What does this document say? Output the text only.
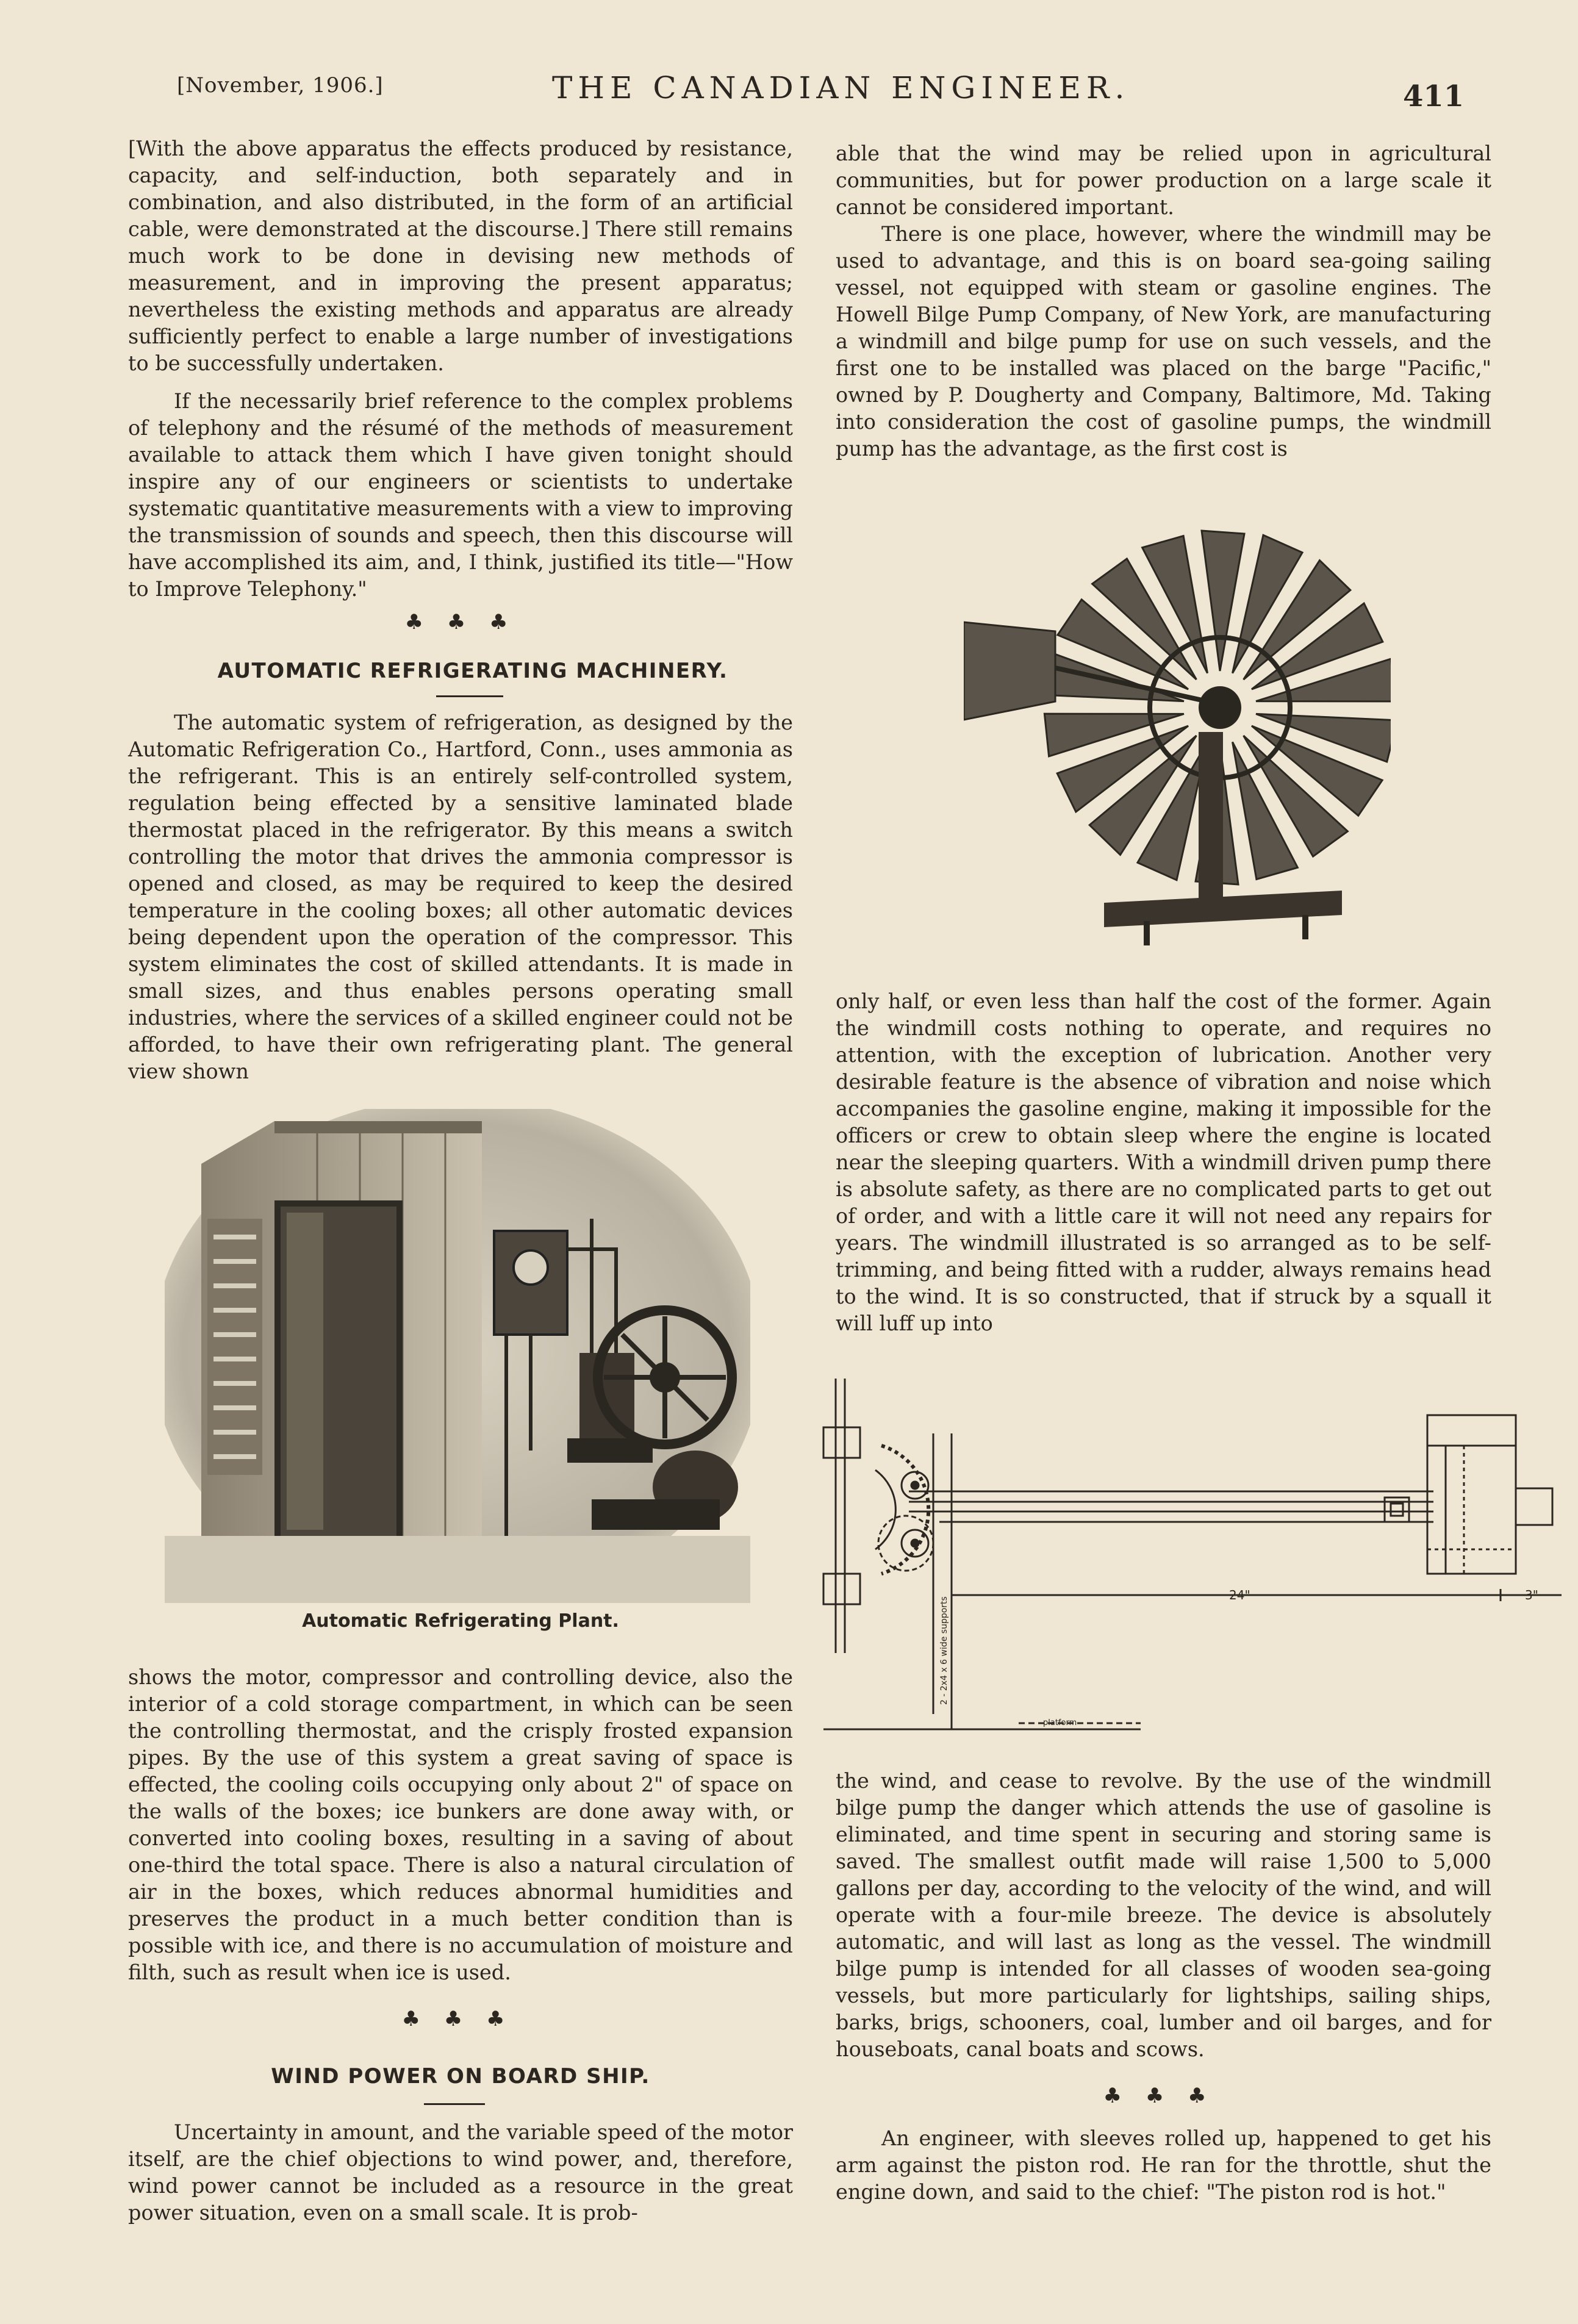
[November, 1906.]	THE CANADIAN ENGINEER.	411

[With the above apparatus the effects produced by resistance, capacity, and self-induction, both separately and in combination, and also distributed, in the form of an artificial cable, were demonstrated at the discourse.] There still remains much work to be done in devising new methods of measurement, and in improving the present apparatus; nevertheless the existing methods and apparatus are already sufficiently perfect to enable a large number of investigations to be successfully undertaken.

If the necessarily brief reference to the complex problems of telephony and the résumé of the methods of measurement available to attack them which I have given tonight should inspire any of our engineers or scientists to undertake systematic quantitative measurements with a view to improving the transmission of sounds and speech, then this discourse will have accomplished its aim, and, I think, justified its title—"How to Improve Telephony."

♣ ♣ ♣
AUTOMATIC REFRIGERATING MACHINERY.

The automatic system of refrigeration, as designed by the Automatic Refrigeration Co., Hartford, Conn., uses ammonia as the refrigerant. This is an entirely self-controlled system, regulation being effected by a sensitive laminated blade thermostat placed in the refrigerator. By this means a switch controlling the motor that drives the ammonia compressor is opened and closed, as may be required to keep the desired temperature in the cooling boxes; all other automatic devices being dependent upon the operation of the compressor. This system eliminates the cost of skilled attendants. It is made in small sizes, and thus enables persons operating small industries, where the services of a skilled engineer could not be afforded, to have their own refrigerating plant. The general view shown

Automatic Refrigerating Plant.

shows the motor, compressor and controlling device, also the interior of a cold storage compartment, in which can be seen the controlling thermostat, and the crisply frosted expansion pipes. By the use of this system a great saving of space is effected, the cooling coils occupying only about 2" of space on the walls of the boxes; ice bunkers are done away with, or converted into cooling boxes, resulting in a saving of about one-third the total space. There is also a natural circulation of air in the boxes, which reduces abnormal humidities and preserves the product in a much better condition than is possible with ice, and there is no accumulation of moisture and filth, such as result when ice is used.

♣ ♣ ♣
WIND POWER ON BOARD SHIP.

Uncertainty in amount, and the variable speed of the motor itself, are the chief objections to wind power, and, therefore, wind power cannot be included as a resource in the great power situation, even on a small scale. It is prob-

able that the wind may be relied upon in agricultural communities, but for power production on a large scale it cannot be considered important.

There is one place, however, where the windmill may be used to advantage, and this is on board sea-going sailing vessel, not equipped with steam or gasoline engines. The Howell Bilge Pump Company, of New York, are manufacturing a windmill and bilge pump for use on such vessels, and the first one to be installed was placed on the barge "Pacific," owned by P. Dougherty and Company, Baltimore, Md. Taking into consideration the cost of gasoline pumps, the windmill pump has the advantage, as the first cost is

only half, or even less than half the cost of the former. Again the windmill costs nothing to operate, and requires no attention, with the exception of lubrication. Another very desirable feature is the absence of vibration and noise which accompanies the gasoline engine, making it impossible for the officers or crew to obtain sleep where the engine is located near the sleeping quarters. With a windmill driven pump there is absolute safety, as there are no complicated parts to get out of order, and with a little care it will not need any repairs for years. The windmill illustrated is so arranged as to be self-trimming, and being fitted with a rudder, always remains head to the wind. It is so constructed, that if struck by a squall it will luff up into

24"	3"
2 - 2x4 x 6 wide supports
platform

the wind, and cease to revolve. By the use of the windmill bilge pump the danger which attends the use of gasoline is eliminated, and time spent in securing and storing same is saved. The smallest outfit made will raise 1,500 to 5,000 gallons per day, according to the velocity of the wind, and will operate with a four-mile breeze. The device is absolutely automatic, and will last as long as the vessel. The windmill bilge pump is intended for all classes of wooden sea-going vessels, but more particularly for lightships, sailing ships, barks, brigs, schooners, coal, lumber and oil barges, and for houseboats, canal boats and scows.

♣ ♣ ♣

An engineer, with sleeves rolled up, happened to get his arm against the piston rod. He ran for the throttle, shut the engine down, and said to the chief: "The piston rod is hot."
